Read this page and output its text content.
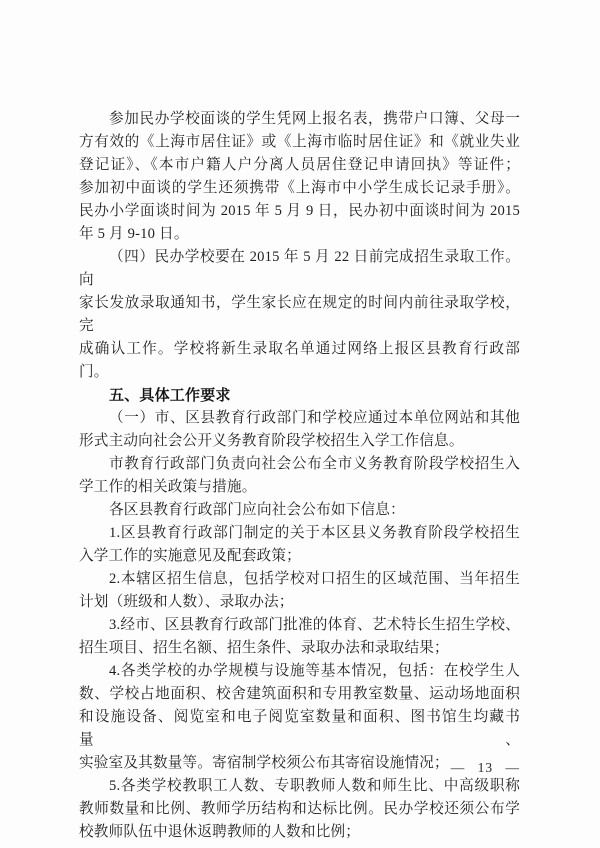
参加民办学校面谈的学生凭网上报名表，携带户口簿、父母一
方有效的《上海市居住证》或《上海市临时居住证》和《就业失业
登记证》、《本市户籍人户分离人员居住登记申请回执》等证件；
参加初中面谈的学生还须携带《上海市中小学生成长记录手册》。
民办小学面谈时间为 2015 年 5 月 9 日，民办初中面谈时间为 2015
年 5 月 9-10 日。
（四）民办学校要在 2015 年 5 月 22 日前完成招生录取工作。向
家长发放录取通知书，学生家长应在规定的时间内前往录取学校，完
成确认工作。学校将新生录取名单通过网络上报区县教育行政部门。
五、具体工作要求
（一）市、区县教育行政部门和学校应通过本单位网站和其他
形式主动向社会公开义务教育阶段学校招生入学工作信息。
市教育行政部门负责向社会公布全市义务教育阶段学校招生入
学工作的相关政策与措施。
各区县教育行政部门应向社会公布如下信息：
1.区县教育行政部门制定的关于本区县义务教育阶段学校招生
入学工作的实施意见及配套政策；
2.本辖区招生信息，包括学校对口招生的区域范围、当年招生
计划（班级和人数）、录取办法；
3.经市、区县教育行政部门批准的体育、艺术特长生招生学校、
招生项目、招生名额、招生条件、录取办法和录取结果；
4.各类学校的办学规模与设施等基本情况，包括：在校学生人
数、学校占地面积、校舍建筑面积和专用教室数量、运动场地面积
和设施设备、阅览室和电子阅览室数量和面积、图书馆生均藏书量、
实验室及其数量等。寄宿制学校须公布其寄宿设施情况；
5.各类学校教职工人数、专职教师人数和师生比、中高级职称
教师数量和比例、教师学历结构和达标比例。民办学校还须公布学
校教师队伍中退休返聘教师的人数和比例；
— 13 —
